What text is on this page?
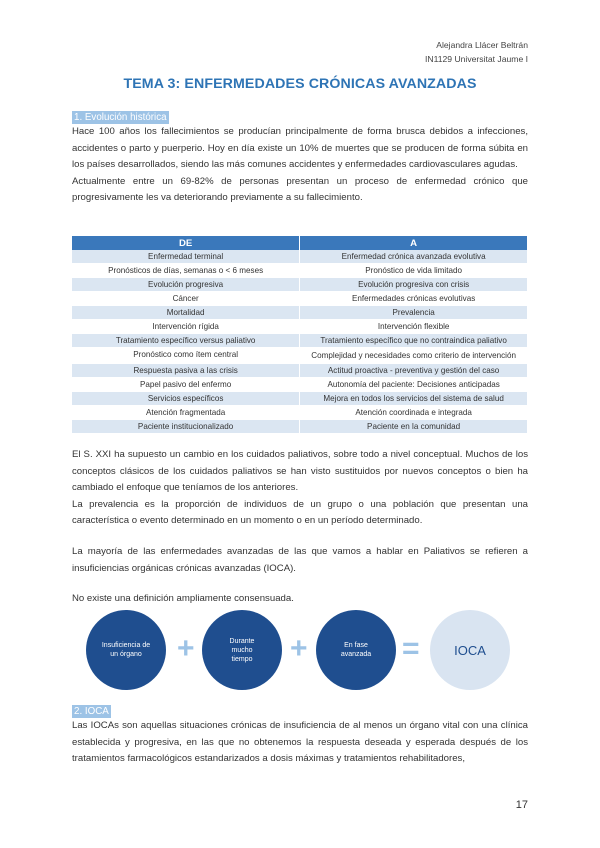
Alejandra Llácer Beltrán
IN1129 Universitat Jaume I
TEMA 3: ENFERMEDADES CRÓNICAS AVANZADAS
1. Evolución histórica

Hace 100 años los fallecimientos se producían principalmente de forma brusca debidos a infecciones, accidentes o parto y puerperio. Hoy en día existe un 10% de muertes que se producen de forma súbita en los países desarrollados, siendo las más comunes accidentes y enfermedades cardiovasculares agudas.

Actualmente entre un 69-82% de personas presentan un proceso de enfermedad crónico que progresivamente les va deteriorando previamente a su fallecimiento.

DE	A
Enfermedad terminal	Enfermedad crónica avanzada evolutiva
Pronósticos de días, semanas o < 6 meses	Pronóstico de vida limitado
Evolución progresiva	Evolución progresiva con crisis
Cáncer	Enfermedades crónicas evolutivas
Mortalidad	Prevalencia
Intervención rígida	Intervención flexible
Tratamiento específico versus paliativo	Tratamiento específico que no contraindica paliativo
Pronóstico como ítem central	Complejidad y necesidades como criterio de intervención
Respuesta pasiva a las crisis	Actitud proactiva - preventiva y gestión del caso
Papel pasivo del enfermo	Autonomía del paciente: Decisiones anticipadas
Servicios específicos	Mejora en todos los servicios del sistema de salud
Atención fragmentada	Atención coordinada e integrada
Paciente institucionalizado	Paciente en la comunidad

El S. XXI ha supuesto un cambio en los cuidados paliativos, sobre todo a nivel conceptual. Muchos de los conceptos clásicos de los cuidados paliativos se han visto sustituidos por nuevos conceptos o bien ha cambiado el enfoque que teníamos de los anteriores.

La prevalencia es la proporción de individuos de un grupo o una población que presentan una característica o evento determinado en un momento o en un período determinado.

La mayoría de las enfermedades avanzadas de las que vamos a hablar en Paliativos se refieren a insuficiencias orgánicas crónicas avanzadas (IOCA).

No existe una definición ampliamente consensuada.

Insuficiencia de un órgano	+	Durante mucho tiempo	+	En fase avanzada =	IOCA
2. IOCA

Las IOCAs son aquellas situaciones crónicas de insuficiencia de al menos un órgano vital con una clínica establecida y progresiva, en las que no obtenemos la respuesta deseada y esperada después de los tratamientos farmacológicos estandarizados a dosis máximas y tratamientos rehabilitadores,

17
